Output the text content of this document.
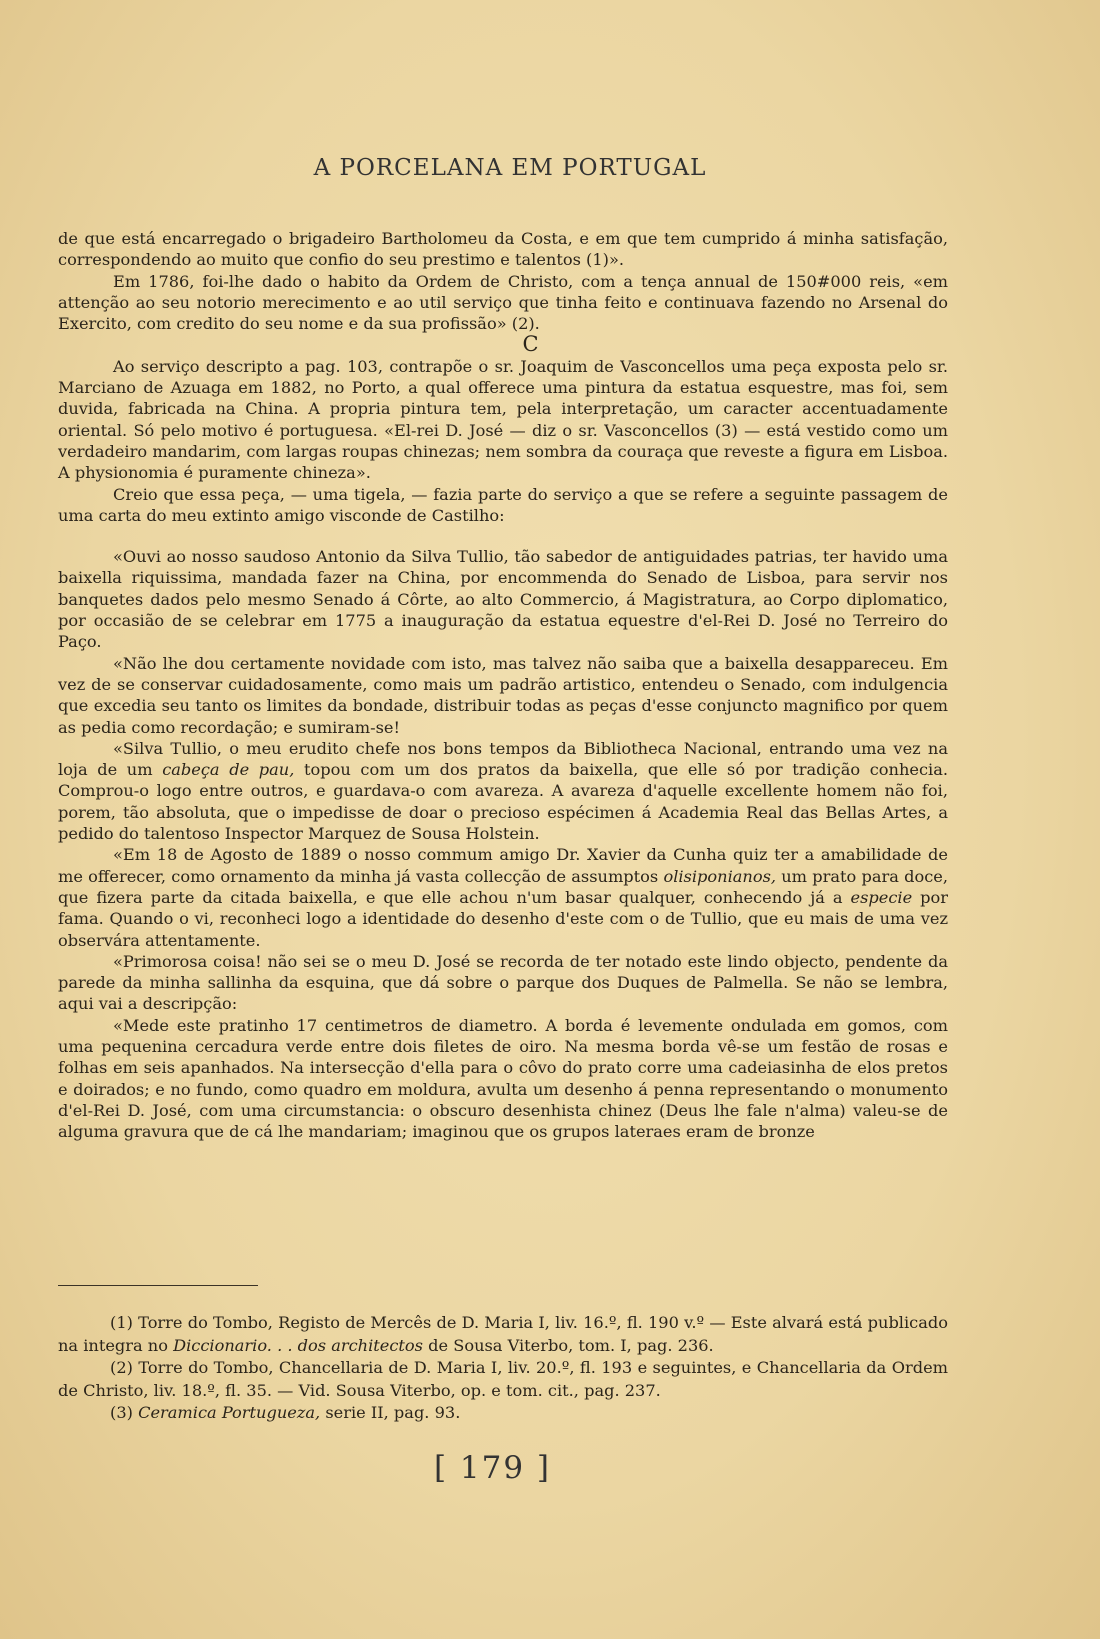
A PORCELANA EM PORTUGAL

de que está encarregado o brigadeiro Bartholomeu da Costa, e em que tem cumprido á minha satisfação, correspondendo ao muito que confio do seu prestimo e talentos (1)».

Em 1786, foi-lhe dado o habito da Ordem de Christo, com a tença annual de 150#000 reis, «em attenção ao seu notorio merecimento e ao util serviço que tinha feito e continuava fazendo no Arsenal do Exercito, com credito do seu nome e da sua profissão» (2).

C

Ao serviço descripto a pag. 103, contrapõe o sr. Joaquim de Vasconcellos uma peça exposta pelo sr. Marciano de Azuaga em 1882, no Porto, a qual offerece uma pintura da estatua esquestre, mas foi, sem duvida, fabricada na China. A propria pintura tem, pela interpretação, um caracter accentuadamente oriental. Só pelo motivo é portuguesa. «El-rei D. José — diz o sr. Vasconcellos (3) — está vestido como um verdadeiro mandarim, com largas roupas chinezas; nem sombra da couraça que reveste a figura em Lisboa. A physionomia é puramente chineza».

Creio que essa peça, — uma tigela, — fazia parte do serviço a que se refere a seguinte passagem de uma carta do meu extinto amigo visconde de Castilho:

«Ouvi ao nosso saudoso Antonio da Silva Tullio, tão sabedor de antiguidades patrias, ter havido uma baixella riquissima, mandada fazer na China, por encommenda do Senado de Lisboa, para servir nos banquetes dados pelo mesmo Senado á Côrte, ao alto Commercio, á Magistratura, ao Corpo diplomatico, por occasião de se celebrar em 1775 a inauguração da estatua equestre d'el-Rei D. José no Terreiro do Paço.

«Não lhe dou certamente novidade com isto, mas talvez não saiba que a baixella desappareceu. Em vez de se conservar cuidadosamente, como mais um padrão artistico, entendeu o Senado, com indulgencia que excedia seu tanto os limites da bondade, distribuir todas as peças d'esse conjuncto magnifico por quem as pedia como recordação; e sumiram-se!

«Silva Tullio, o meu erudito chefe nos bons tempos da Bibliotheca Nacional, entrando uma vez na loja de um cabeça de pau, topou com um dos pratos da baixella, que elle só por tradição conhecia. Comprou-o logo entre outros, e guardava-o com avareza. A avareza d'aquelle excellente homem não foi, porem, tão absoluta, que o impedisse de doar o precioso espécimen á Academia Real das Bellas Artes, a pedido do talentoso Inspector Marquez de Sousa Holstein.

«Em 18 de Agosto de 1889 o nosso commum amigo Dr. Xavier da Cunha quiz ter a amabilidade de me offerecer, como ornamento da minha já vasta collecção de assumptos olisiponianos, um prato para doce, que fizera parte da citada baixella, e que elle achou n'um basar qualquer, conhecendo já a especie por fama. Quando o vi, reconheci logo a identidade do desenho d'este com o de Tullio, que eu mais de uma vez observára attentamente.

«Primorosa coisa! não sei se o meu D. José se recorda de ter notado este lindo objecto, pendente da parede da minha sallinha da esquina, que dá sobre o parque dos Duques de Palmella. Se não se lembra, aqui vai a descripção:

«Mede este pratinho 17 centimetros de diametro. A borda é levemente ondulada em gomos, com uma pequenina cercadura verde entre dois filetes de oiro. Na mesma borda vê-se um festão de rosas e folhas em seis apanhados. Na intersecção d'ella para o côvo do prato corre uma cadeiasinha de elos pretos e doirados; e no fundo, como quadro em moldura, avulta um desenho á penna representando o monumento d'el-Rei D. José, com uma circumstancia: o obscuro desenhista chinez (Deus lhe fale n'alma) valeu-se de alguma gravura que de cá lhe mandariam; imaginou que os grupos lateraes eram de bronze

(1) Torre do Tombo, Registo de Mercês de D. Maria I, liv. 16.º, fl. 190 v.º — Este alvará está publicado na integra no Diccionario. . . dos architectos de Sousa Viterbo, tom. I, pag. 236.

(2) Torre do Tombo, Chancellaria de D. Maria I, liv. 20.º, fl. 193 e seguintes, e Chancellaria da Ordem de Christo, liv. 18.º, fl. 35. — Vid. Sousa Viterbo, op. e tom. cit., pag. 237.

(3) Ceramica Portugueza, serie II, pag. 93.

[ 179 ]
